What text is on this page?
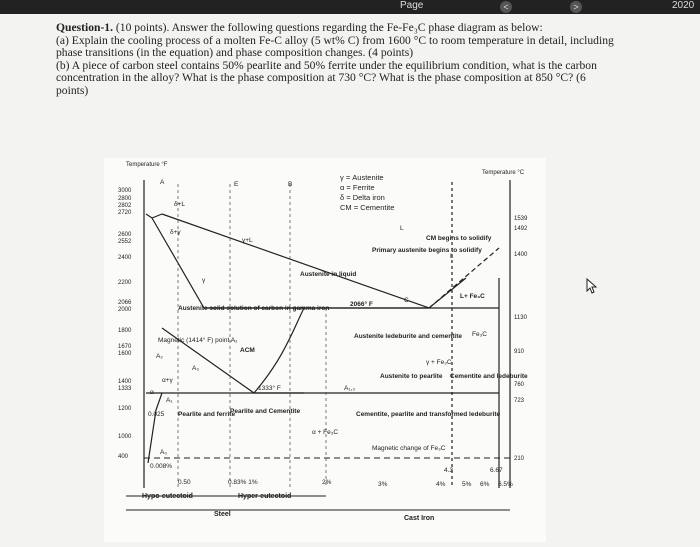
Page	<	>	2020

Question-1. (10 points). Answer the following questions regarding the Fe-Fe₃C phase diagram as below:

(a) Explain the cooling process of a molten Fe-C alloy (5 wt% C) from 1600 °C to room temperature in detail, including phase transitions (in the equation) and phase composition changes. (4 points)

(b) A piece of carbon steel contains 50% pearlite and 50% ferrite under the equilibrium condition, what is the carbon concentration in the alloy? What is the phase composition at 730 °C? What is the phase composition at 850 °C? (6 points)

Temperature °F
Temperature °C
3000
2800
2802
2720
2600
2552
2400
2200
2066
2000
1800
1670
1600
1400
1333
1200
1000
400
1539
1492
1400
1130
910
760
723
210
γ = Austenite
α = Ferrite
δ = Delta iron
CM = Cementite
A	B
C
E
L
δ+L
δ+γ
γ+L
γ
α
α+γ
A₂
A₁
A₃
A₁,₃
A₀
L
Austenite in liquid
CM begins to solidify
Primary austenite begins to solidify
L+ Fe₃C
2066° F
Austenite solid solution of carbon in gamma iron
ACM
Magnetic (1414° F) point A₂
Austenite ledeburite and cementite Fe₃C
γ + Fe₃C
Austenite to pearlite Cementite and ledeburite
1333° F
α + Fe₃C
Pearlite and ferrite
Pearlite and Cementite	Cementite, pearlite and transformed ledeburite
Magnetic change of Fe₃C
0.025
0.008%
0.50	0.83% 1%	2%	3%
4.3
4%	5% 6% 6.5%
6.67
Hypo-eutectoid	Hyper-eutectoid
Steel
Cast Iron
